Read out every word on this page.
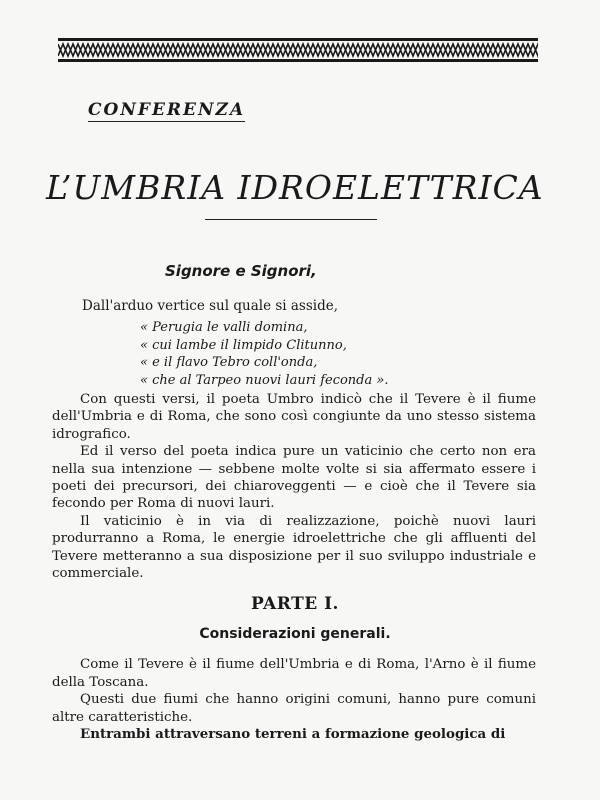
CONFERENZA
L’UMBRIA IDROELETTRICA
Signore e Signori,
Dall'arduo vertice sul quale si asside,
« Perugia le valli domina,
« cui lambe il limpido Clitunno,
« e il flavo Tebro coll'onda,
« che al Tarpeo nuovi lauri feconda ».

Con questi versi, il poeta Umbro indicò che il Tevere è il fiume dell'Umbria e di Roma, che sono così congiunte da uno stesso sistema idrografico.

Ed il verso del poeta indica pure un vaticinio che certo non era nella sua intenzione — sebbene molte volte si sia affermato essere i poeti dei precursori, dei chiaroveggenti — e cioè che il Tevere sia fecondo per Roma di nuovi lauri.

Il vaticinio è in via di realizzazione, poichè nuovi lauri produrranno a Roma, le energie idroelettriche che gli affluenti del Tevere metteranno a sua disposizione per il suo sviluppo industriale e commerciale.

PARTE I.
Considerazioni generali.

Come il Tevere è il fiume dell'Umbria e di Roma, l'Arno è il fiume della Toscana.

Questi due fiumi che hanno origini comuni, hanno pure comuni altre caratteristiche.

Entrambi attraversano terreni a formazione geologica di
